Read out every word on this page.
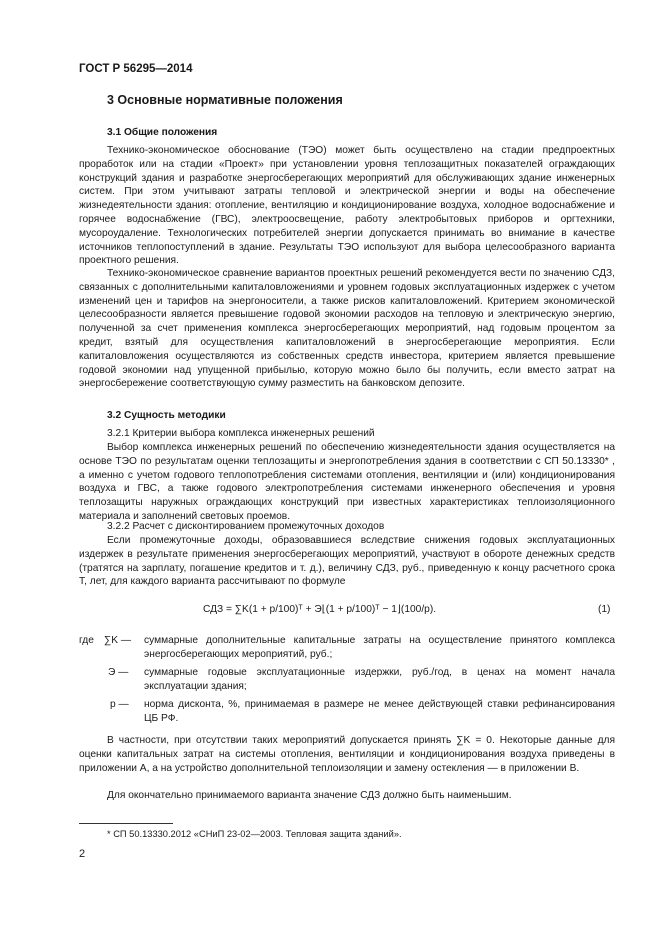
ГОСТ Р 56295—2014
3 Основные нормативные положения
3.1 Общие положения

Технико-экономическое обоснование (ТЭО) может быть осуществлено на стадии предпроектных проработок или на стадии «Проект» при установлении уровня теплозащитных показателей ограждающих конструкций здания и разработке энергосберегающих мероприятий для обслуживающих здание инженерных систем. При этом учитывают затраты тепловой и электрической энергии и воды на обеспечение жизнедеятельности здания: отопление, вентиляцию и кондиционирование воздуха, холодное водоснабжение и горячее водоснабжение (ГВС), электроосвещение, работу электробытовых приборов и оргтехники, мусороудаление. Технологических потребителей энергии допускается принимать во внимание в качестве источников теплопоступлений в здание. Результаты ТЭО используют для выбора целесообразного варианта проектного решения.

Технико-экономическое сравнение вариантов проектных решений рекомендуется вести по значению СДЗ, связанных с дополнительными капиталовложениями и уровнем годовых эксплуатационных издержек с учетом изменений цен и тарифов на энергоносители, а также рисков капиталовложений. Критерием экономической целесообразности является превышение годовой экономии расходов на тепловую и электрическую энергию, полученной за счет применения комплекса энергосберегающих мероприятий, над годовым процентом за кредит, взятый для осуществления капиталовложений в энергосберегающие мероприятия. Если капиталовложения осуществляются из собственных средств инвестора, критерием является превышение годовой экономии над упущенной прибылью, которую можно было бы получить, если вместо затрат на энергосбережение соответствующую сумму разместить на банковском депозите.

3.2 Сущность методики
3.2.1 Критерии выбора комплекса инженерных решений

Выбор комплекса инженерных решений по обеспечению жизнедеятельности здания осуществляется на основе ТЭО по результатам оценки теплозащиты и энергопотребления здания в соответствии с СП 50.13330* , а именно с учетом годового теплопотребления системами отопления, вентиляции и (или) кондиционирования воздуха и ГВС, а также годового электропотребления системами инженерного обеспечения и уровня теплозащиты наружных ограждающих конструкций при известных характеристиках теплоизоляционного материала и заполнений световых проемов.

3.2.2 Расчет с дисконтированием промежуточных доходов

Если промежуточные доходы, образовавшиеся вследствие снижения годовых эксплуатационных издержек в результате применения энергосберегающих мероприятий, участвуют в обороте денежных средств (тратятся на зарплату, погашение кредитов и т. д.), величину СДЗ, руб., приведенную к концу расчетного срока Т, лет, для каждого варианта рассчитывают по формуле

СДЗ = ∑K(1 + p/100)ᵀ + Э⌊(1 + p/100)ᵀ − 1⌋(100/p).	(1)
где ∑K — суммарные дополнительные капитальные затраты на осуществление принятого комплекса энергосберегающих мероприятий, руб.;
Э — суммарные годовые эксплуатационные издержки, руб./год, в ценах на момент начала эксплуатации здания;
p — норма дисконта, %, принимаемая в размере не менее действующей ставки рефинансирования ЦБ РФ.

В частности, при отсутствии таких мероприятий допускается принять ∑K = 0. Некоторые данные для оценки капитальных затрат на системы отопления, вентиляции и кондиционирования воздуха приведены в приложении А, а на устройство дополнительной теплоизоляции и замену остекления — в приложении В.

Для окончательно принимаемого варианта значение СДЗ должно быть наименьшим.

* СП 50.13330.2012 «СНиП 23-02—2003. Тепловая защита зданий».
2
